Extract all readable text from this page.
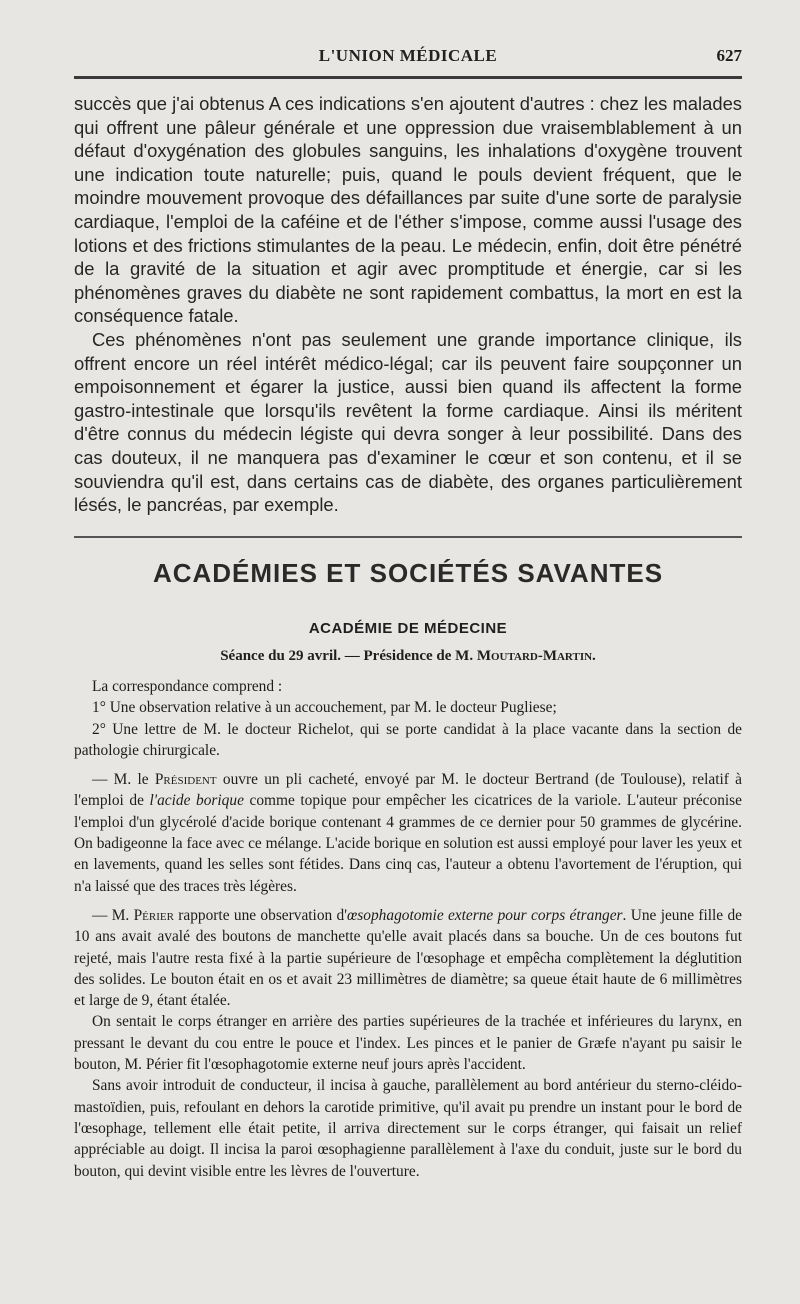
L'UNION MÉDICALE	627

succès que j'ai obtenus A ces indications s'en ajoutent d'autres : chez les malades qui offrent une pâleur générale et une oppression due vraisemblablement à un défaut d'oxygénation des globules sanguins, les inhalations d'oxygène trouvent une indication toute naturelle; puis, quand le pouls devient fréquent, que le moindre mouvement provoque des défaillances par suite d'une sorte de paralysie cardiaque, l'emploi de la caféine et de l'éther s'impose, comme aussi l'usage des lotions et des frictions stimulantes de la peau. Le médecin, enfin, doit être pénétré de la gravité de la situation et agir avec promptitude et énergie, car si les phénomènes graves du diabète ne sont rapidement combattus, la mort en est la conséquence fatale.

Ces phénomènes n'ont pas seulement une grande importance clinique, ils offrent encore un réel intérêt médico-légal; car ils peuvent faire soupçonner un empoisonnement et égarer la justice, aussi bien quand ils affectent la forme gastro-intestinale que lorsqu'ils revêtent la forme cardiaque. Ainsi ils méritent d'être connus du médecin légiste qui devra songer à leur possibilité. Dans des cas douteux, il ne manquera pas d'examiner le cœur et son contenu, et il se souviendra qu'il est, dans certains cas de diabète, des organes particulièrement lésés, le pancréas, par exemple.

ACADÉMIES ET SOCIÉTÉS SAVANTES
ACADÉMIE DE MÉDECINE
Séance du 29 avril. — Présidence de M. Moutard-Martin.

La correspondance comprend :

1° Une observation relative à un accouchement, par M. le docteur Pugliese;

2° Une lettre de M. le docteur Richelot, qui se porte candidat à la place vacante dans la section de pathologie chirurgicale.

— M. le Président ouvre un pli cacheté, envoyé par M. le docteur Bertrand (de Toulouse), relatif à l'emploi de l'acide borique comme topique pour empêcher les cicatrices de la variole. L'auteur préconise l'emploi d'un glycérolé d'acide borique contenant 4 grammes de ce dernier pour 50 grammes de glycérine. On badigeonne la face avec ce mélange. L'acide borique en solution est aussi employé pour laver les yeux et en lavements, quand les selles sont fétides. Dans cinq cas, l'auteur a obtenu l'avortement de l'éruption, qui n'a laissé que des traces très légères.

— M. Périer rapporte une observation d'œsophagotomie externe pour corps étranger. Une jeune fille de 10 ans avait avalé des boutons de manchette qu'elle avait placés dans sa bouche. Un de ces boutons fut rejeté, mais l'autre resta fixé à la partie supérieure de l'œsophage et empêcha complètement la déglutition des solides. Le bouton était en os et avait 23 millimètres de diamètre; sa queue était haute de 6 millimètres et large de 9, étant étalée.

On sentait le corps étranger en arrière des parties supérieures de la trachée et inférieures du larynx, en pressant le devant du cou entre le pouce et l'index. Les pinces et le panier de Græfe n'ayant pu saisir le bouton, M. Périer fit l'œsophagotomie externe neuf jours après l'accident.

Sans avoir introduit de conducteur, il incisa à gauche, parallèlement au bord antérieur du sterno-cléido-mastoïdien, puis, refoulant en dehors la carotide primitive, qu'il avait pu prendre un instant pour le bord de l'œsophage, tellement elle était petite, il arriva directement sur le corps étranger, qui faisait un relief appréciable au doigt. Il incisa la paroi œsophagienne parallèlement à l'axe du conduit, juste sur le bord du bouton, qui devint visible entre les lèvres de l'ouverture.
